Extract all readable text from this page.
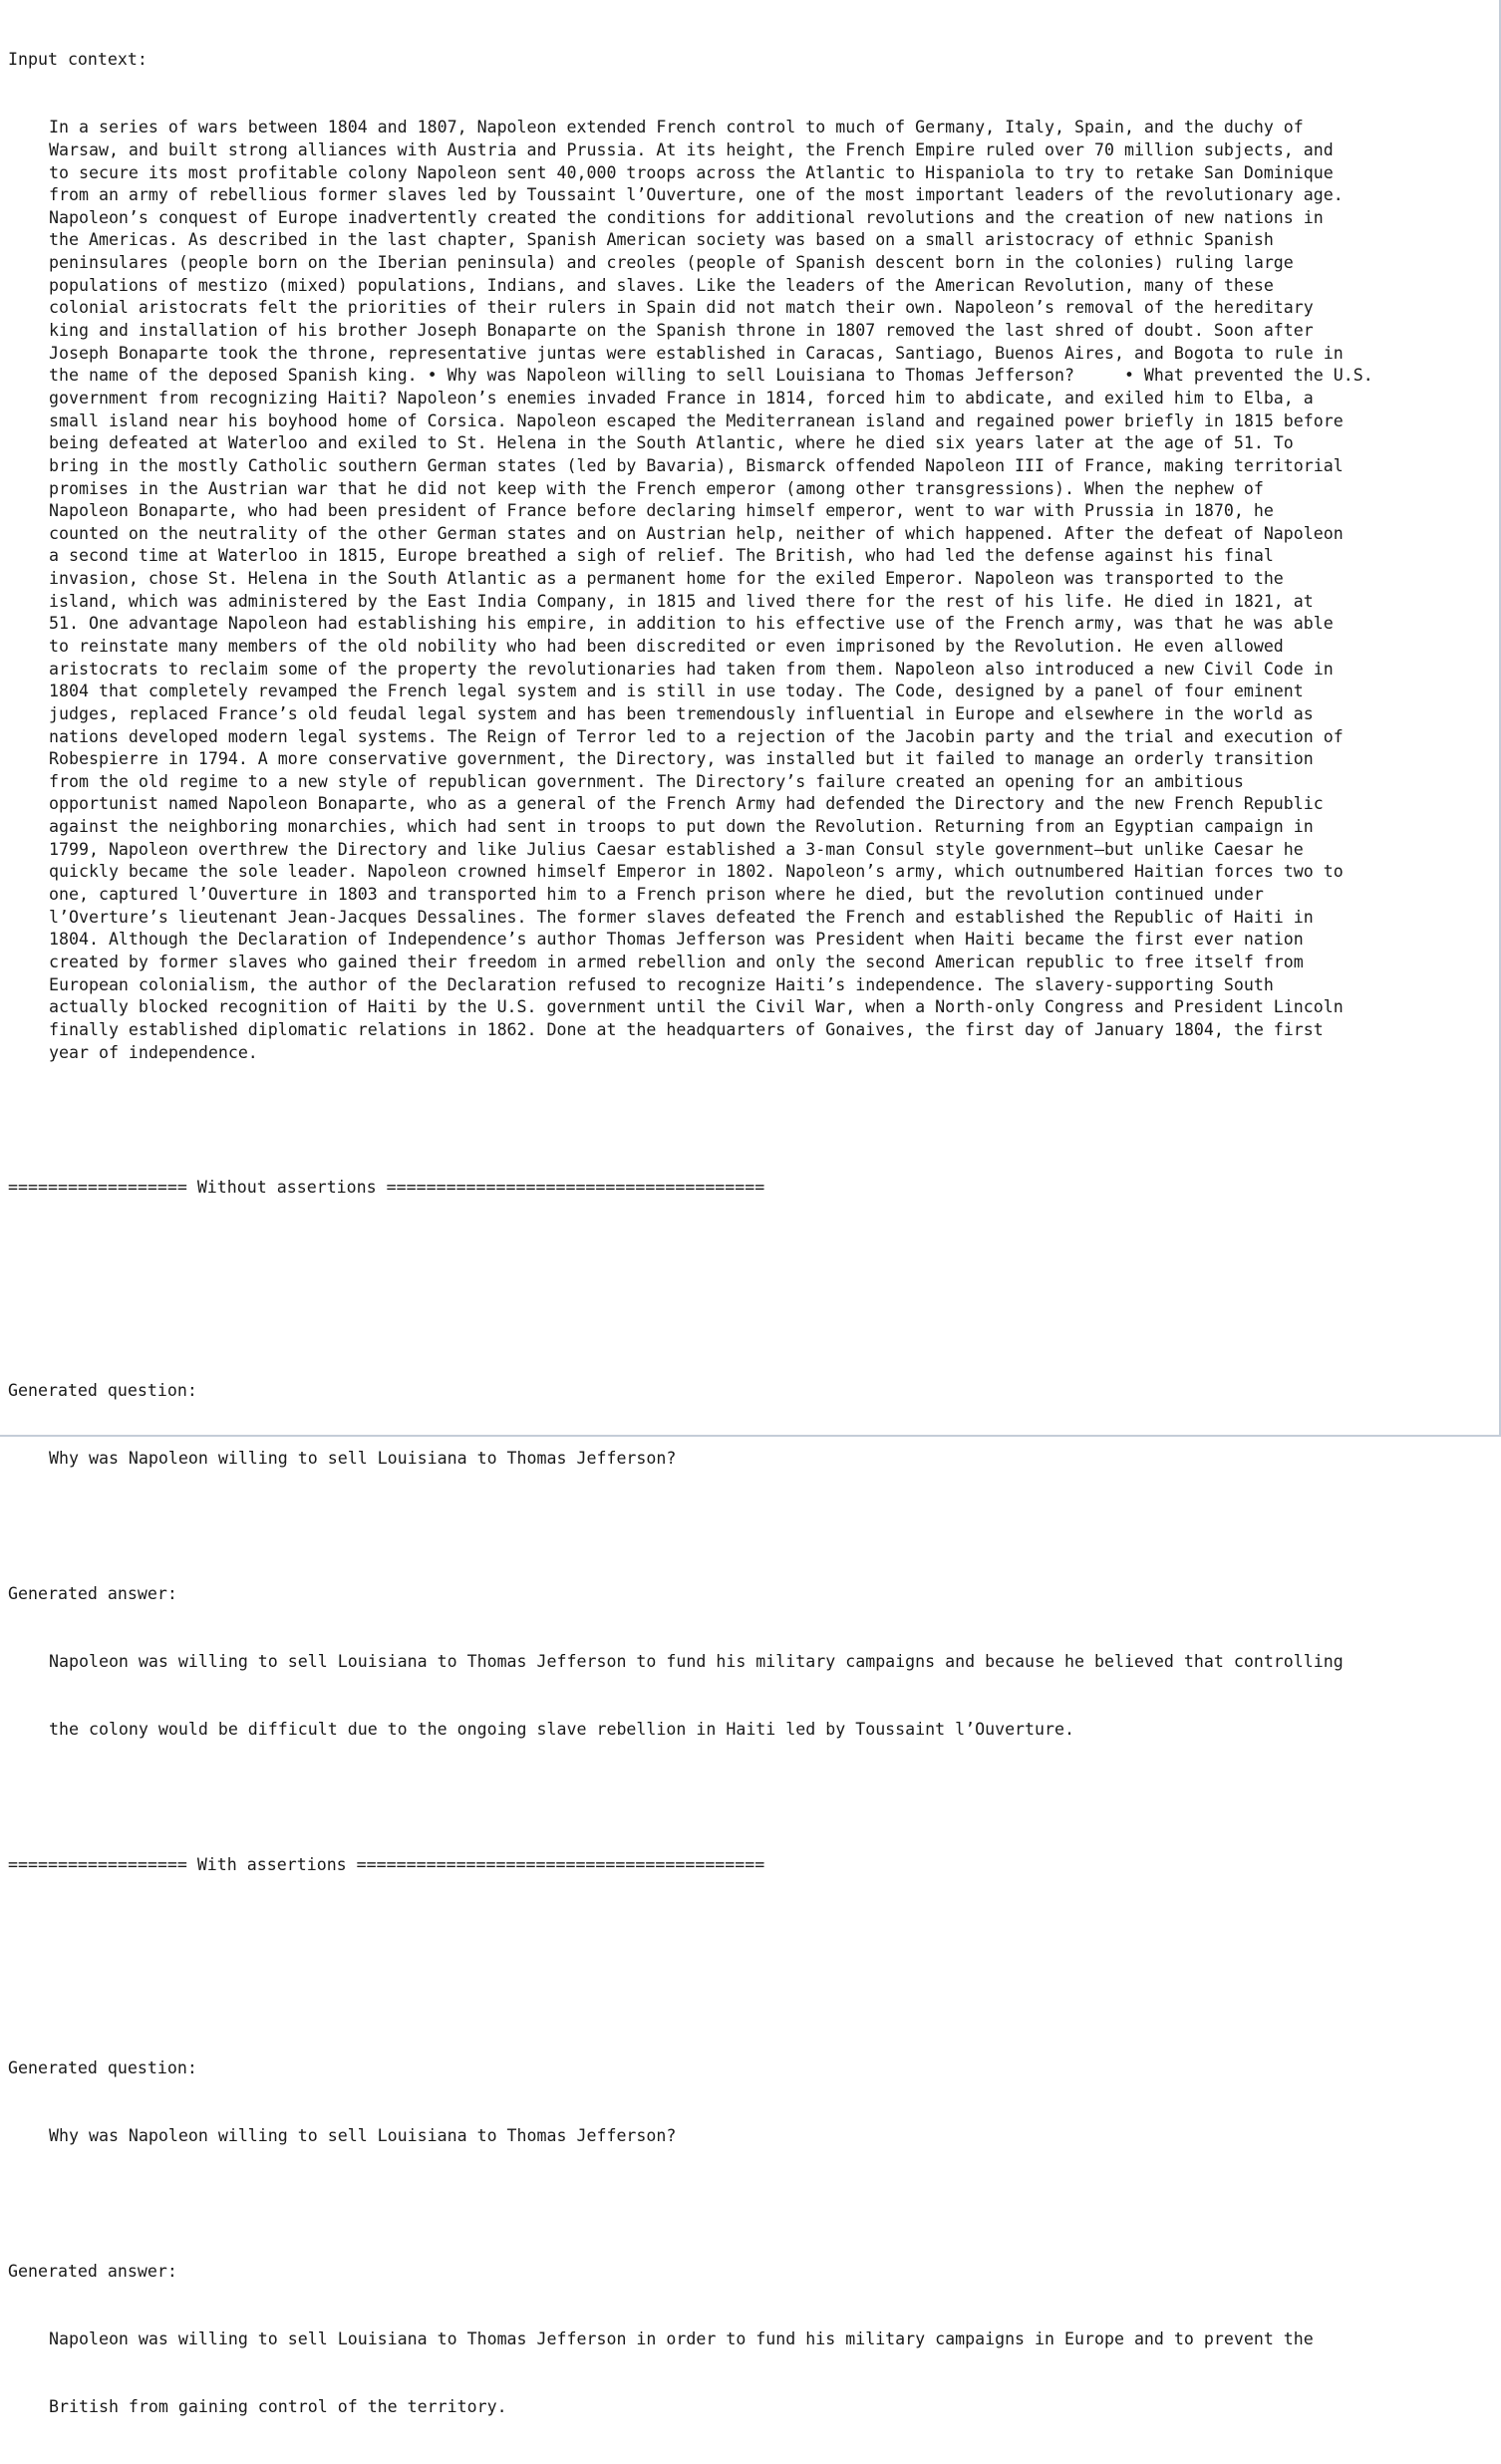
Input context:

In a series of wars between 1804 and 1807, Napoleon extended French control to much of Germany, Italy, Spain, and the duchy of
Warsaw, and built strong alliances with Austria and Prussia. At its height, the French Empire ruled over 70 million subjects, and
to secure its most profitable colony Napoleon sent 40,000 troops across the Atlantic to Hispaniola to try to retake San Dominique
from an army of rebellious former slaves led by Toussaint l’Ouverture, one of the most important leaders of the revolutionary age.
Napoleon’s conquest of Europe inadvertently created the conditions for additional revolutions and the creation of new nations in
the Americas. As described in the last chapter, Spanish American society was based on a small aristocracy of ethnic Spanish
peninsulares (people born on the Iberian peninsula) and creoles (people of Spanish descent born in the colonies) ruling large
populations of mestizo (mixed) populations, Indians, and slaves. Like the leaders of the American Revolution, many of these
colonial aristocrats felt the priorities of their rulers in Spain did not match their own. Napoleon’s removal of the hereditary
king and installation of his brother Joseph Bonaparte on the Spanish throne in 1807 removed the last shred of doubt. Soon after
Joseph Bonaparte took the throne, representative juntas were established in Caracas, Santiago, Buenos Aires, and Bogota to rule in
the name of the deposed Spanish king. • Why was Napoleon willing to sell Louisiana to Thomas Jefferson?     • What prevented the U.S.
government from recognizing Haiti? Napoleon’s enemies invaded France in 1814, forced him to abdicate, and exiled him to Elba, a
small island near his boyhood home of Corsica. Napoleon escaped the Mediterranean island and regained power briefly in 1815 before
being defeated at Waterloo and exiled to St. Helena in the South Atlantic, where he died six years later at the age of 51. To
bring in the mostly Catholic southern German states (led by Bavaria), Bismarck offended Napoleon III of France, making territorial
promises in the Austrian war that he did not keep with the French emperor (among other transgressions). When the nephew of
Napoleon Bonaparte, who had been president of France before declaring himself emperor, went to war with Prussia in 1870, he
counted on the neutrality of the other German states and on Austrian help, neither of which happened. After the defeat of Napoleon
a second time at Waterloo in 1815, Europe breathed a sigh of relief. The British, who had led the defense against his final
invasion, chose St. Helena in the South Atlantic as a permanent home for the exiled Emperor. Napoleon was transported to the
island, which was administered by the East India Company, in 1815 and lived there for the rest of his life. He died in 1821, at
51. One advantage Napoleon had establishing his empire, in addition to his effective use of the French army, was that he was able
to reinstate many members of the old nobility who had been discredited or even imprisoned by the Revolution. He even allowed
aristocrats to reclaim some of the property the revolutionaries had taken from them. Napoleon also introduced a new Civil Code in
1804 that completely revamped the French legal system and is still in use today. The Code, designed by a panel of four eminent
judges, replaced France’s old feudal legal system and has been tremendously influential in Europe and elsewhere in the world as
nations developed modern legal systems. The Reign of Terror led to a rejection of the Jacobin party and the trial and execution of
Robespierre in 1794. A more conservative government, the Directory, was installed but it failed to manage an orderly transition
from the old regime to a new style of republican government. The Directory’s failure created an opening for an ambitious
opportunist named Napoleon Bonaparte, who as a general of the French Army had defended the Directory and the new French Republic
against the neighboring monarchies, which had sent in troops to put down the Revolution. Returning from an Egyptian campaign in
1799, Napoleon overthrew the Directory and like Julius Caesar established a 3-man Consul style government—but unlike Caesar he
quickly became the sole leader. Napoleon crowned himself Emperor in 1802. Napoleon’s army, which outnumbered Haitian forces two to
one, captured l’Ouverture in 1803 and transported him to a French prison where he died, but the revolution continued under
l’Overture’s lieutenant Jean-Jacques Dessalines. The former slaves defeated the French and established the Republic of Haiti in
1804. Although the Declaration of Independence’s author Thomas Jefferson was President when Haiti became the first ever nation
created by former slaves who gained their freedom in armed rebellion and only the second American republic to free itself from
European colonialism, the author of the Declaration refused to recognize Haiti’s independence. The slavery-supporting South
actually blocked recognition of Haiti by the U.S. government until the Civil War, when a North-only Congress and President Lincoln
finally established diplomatic relations in 1862. Done at the headquarters of Gonaives, the first day of January 1804, the first
year of independence.

================== Without assertions ======================================

Generated question:

Why was Napoleon willing to sell Louisiana to Thomas Jefferson?

Generated answer:

Napoleon was willing to sell Louisiana to Thomas Jefferson to fund his military campaigns and because he believed that controlling

the colony would be difficult due to the ongoing slave rebellion in Haiti led by Toussaint l’Ouverture.

================== With assertions =========================================

Generated question:

Why was Napoleon willing to sell Louisiana to Thomas Jefferson?

Generated answer:

Napoleon was willing to sell Louisiana to Thomas Jefferson in order to fund his military campaigns in Europe and to prevent the

British from gaining control of the territory.
